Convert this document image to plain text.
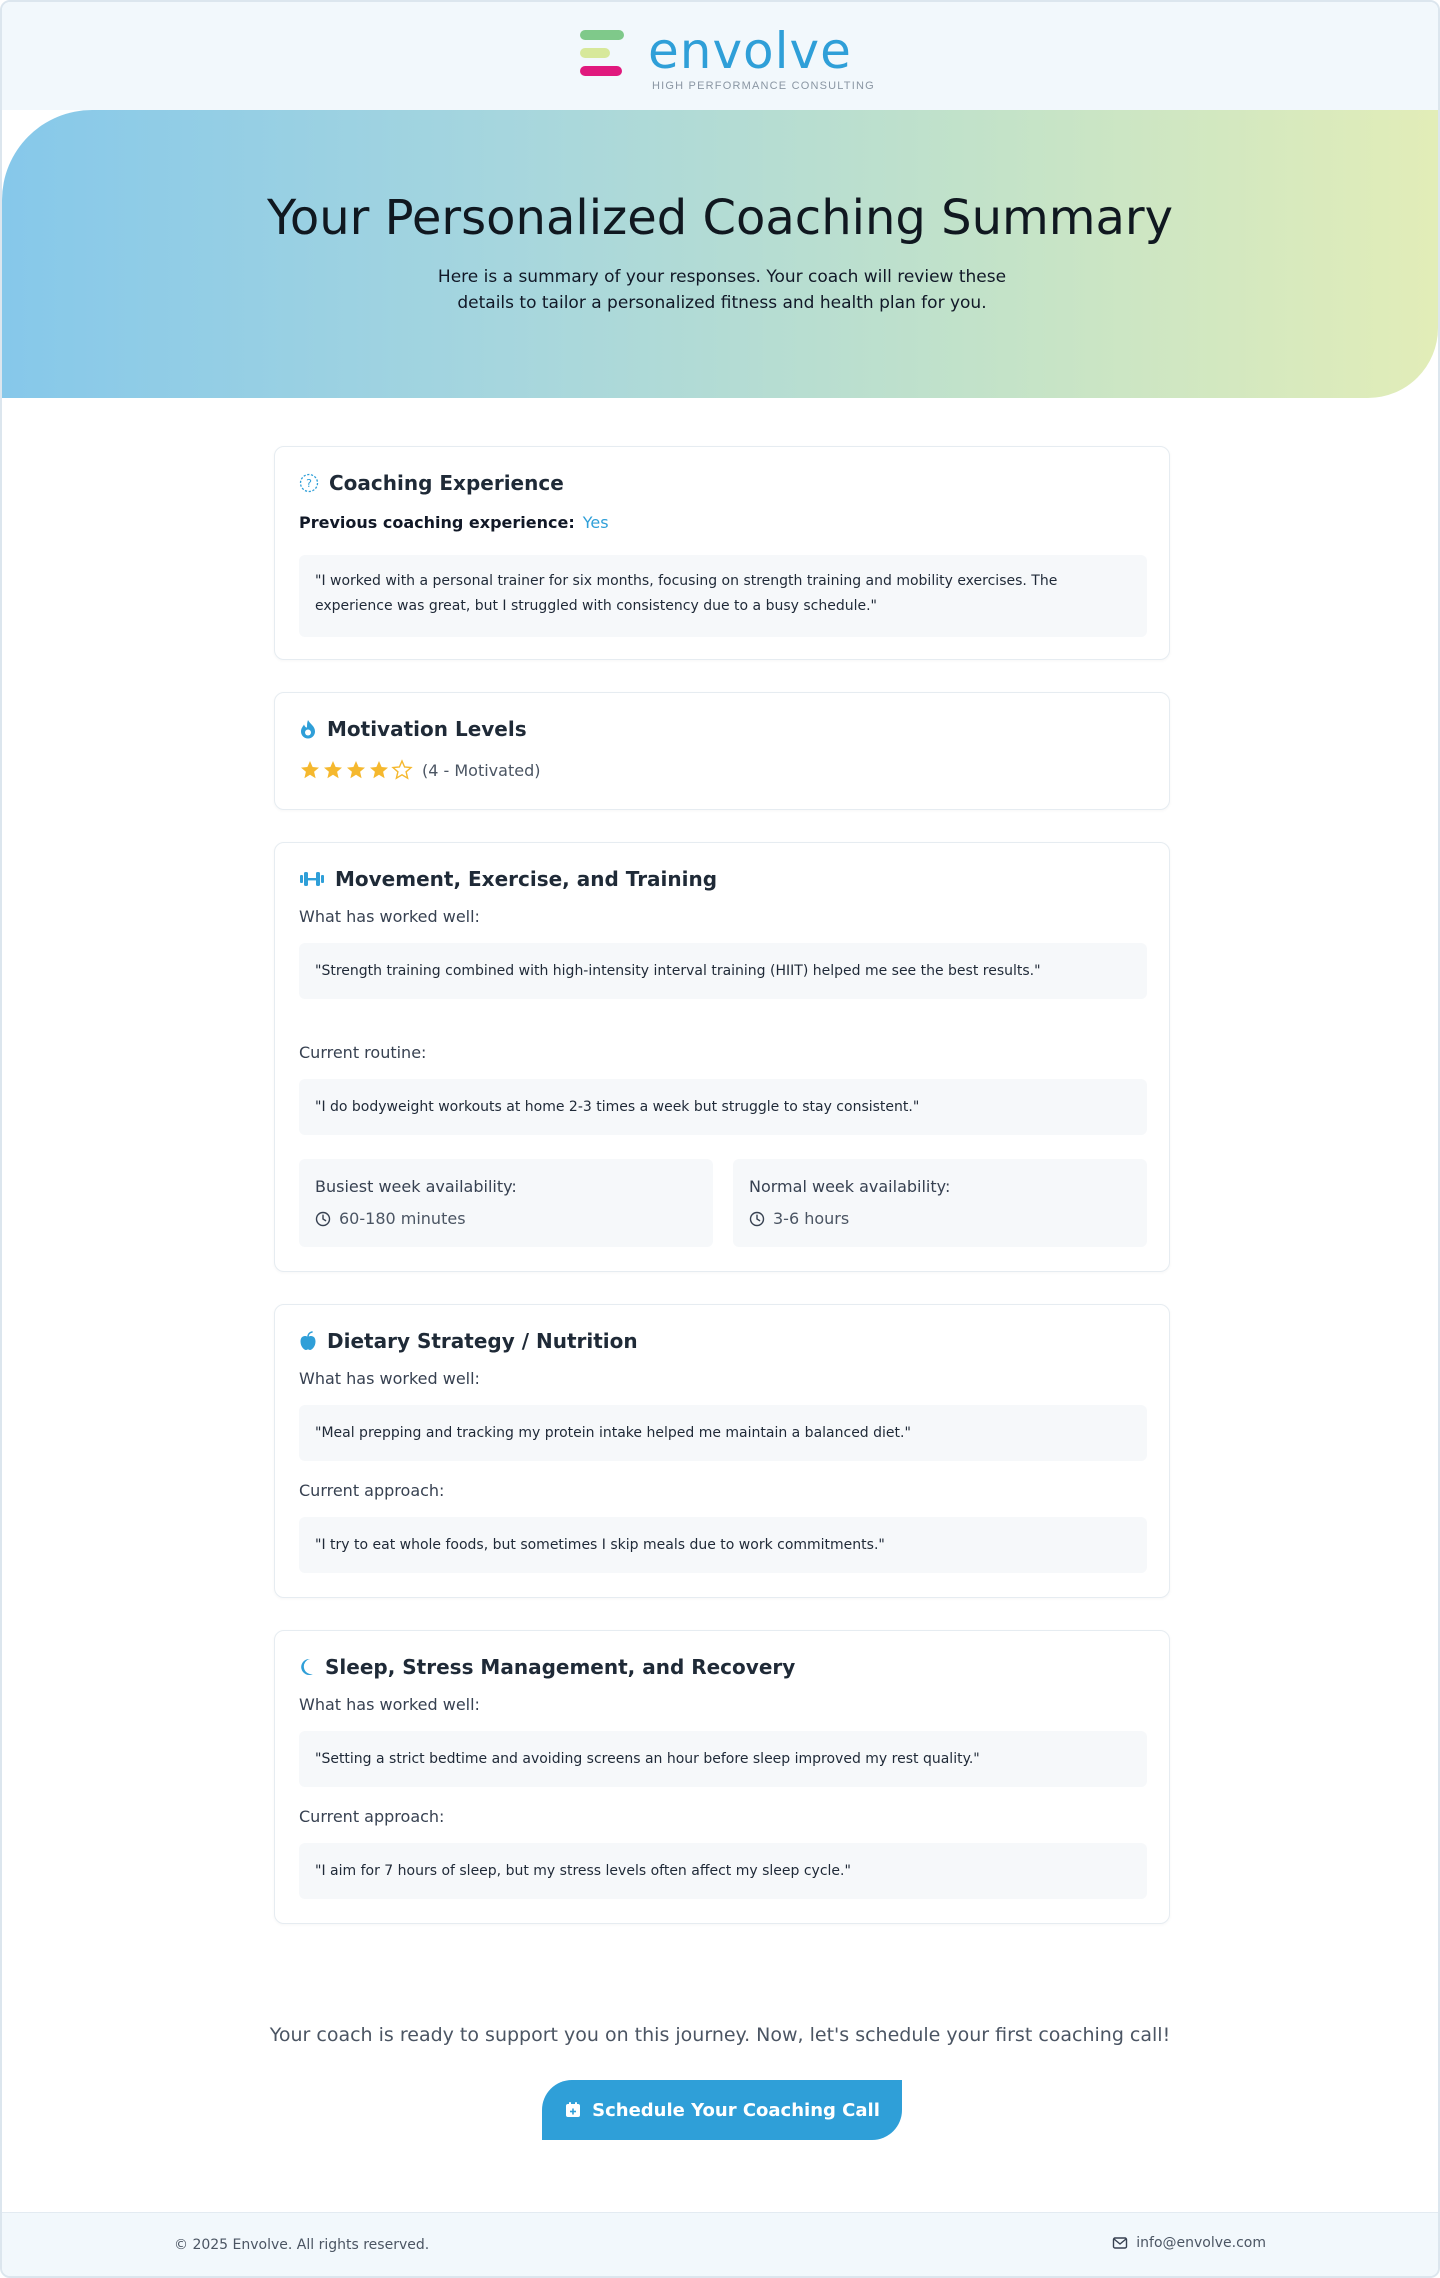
envolve
HIGH PERFORMANCE CONSULTING
Your Personalized Coaching Summary

Here is a summary of your responses. Your coach will review these details to tailor a personalized fitness and health plan for you.

? Coaching Experience
Previous coaching experience: Yes
"I worked with a personal trainer for six months, focusing on strength training and mobility exercises. The experience was great, but I struggled with consistency due to a busy schedule."
Motivation Levels
(4 - Motivated)
Movement, Exercise, and Training
What has worked well:
"Strength training combined with high-intensity interval training (HIIT) helped me see the best results."
Current routine:
"I do bodyweight workouts at home 2-3 times a week but struggle to stay consistent."
Busiest week availability:
60-180 minutes
Normal week availability:
3-6 hours
Dietary Strategy / Nutrition
What has worked well:
"Meal prepping and tracking my protein intake helped me maintain a balanced diet."
Current approach:
"I try to eat whole foods, but sometimes I skip meals due to work commitments."
Sleep, Stress Management, and Recovery
What has worked well:
"Setting a strict bedtime and avoiding screens an hour before sleep improved my rest quality."
Current approach:
"I aim for 7 hours of sleep, but my stress levels often affect my sleep cycle."

Your coach is ready to support you on this journey. Now, let's schedule your first coaching call!

Schedule Your Coaching Call
© 2025 Envolve. All rights reserved.	info@envolve.com
